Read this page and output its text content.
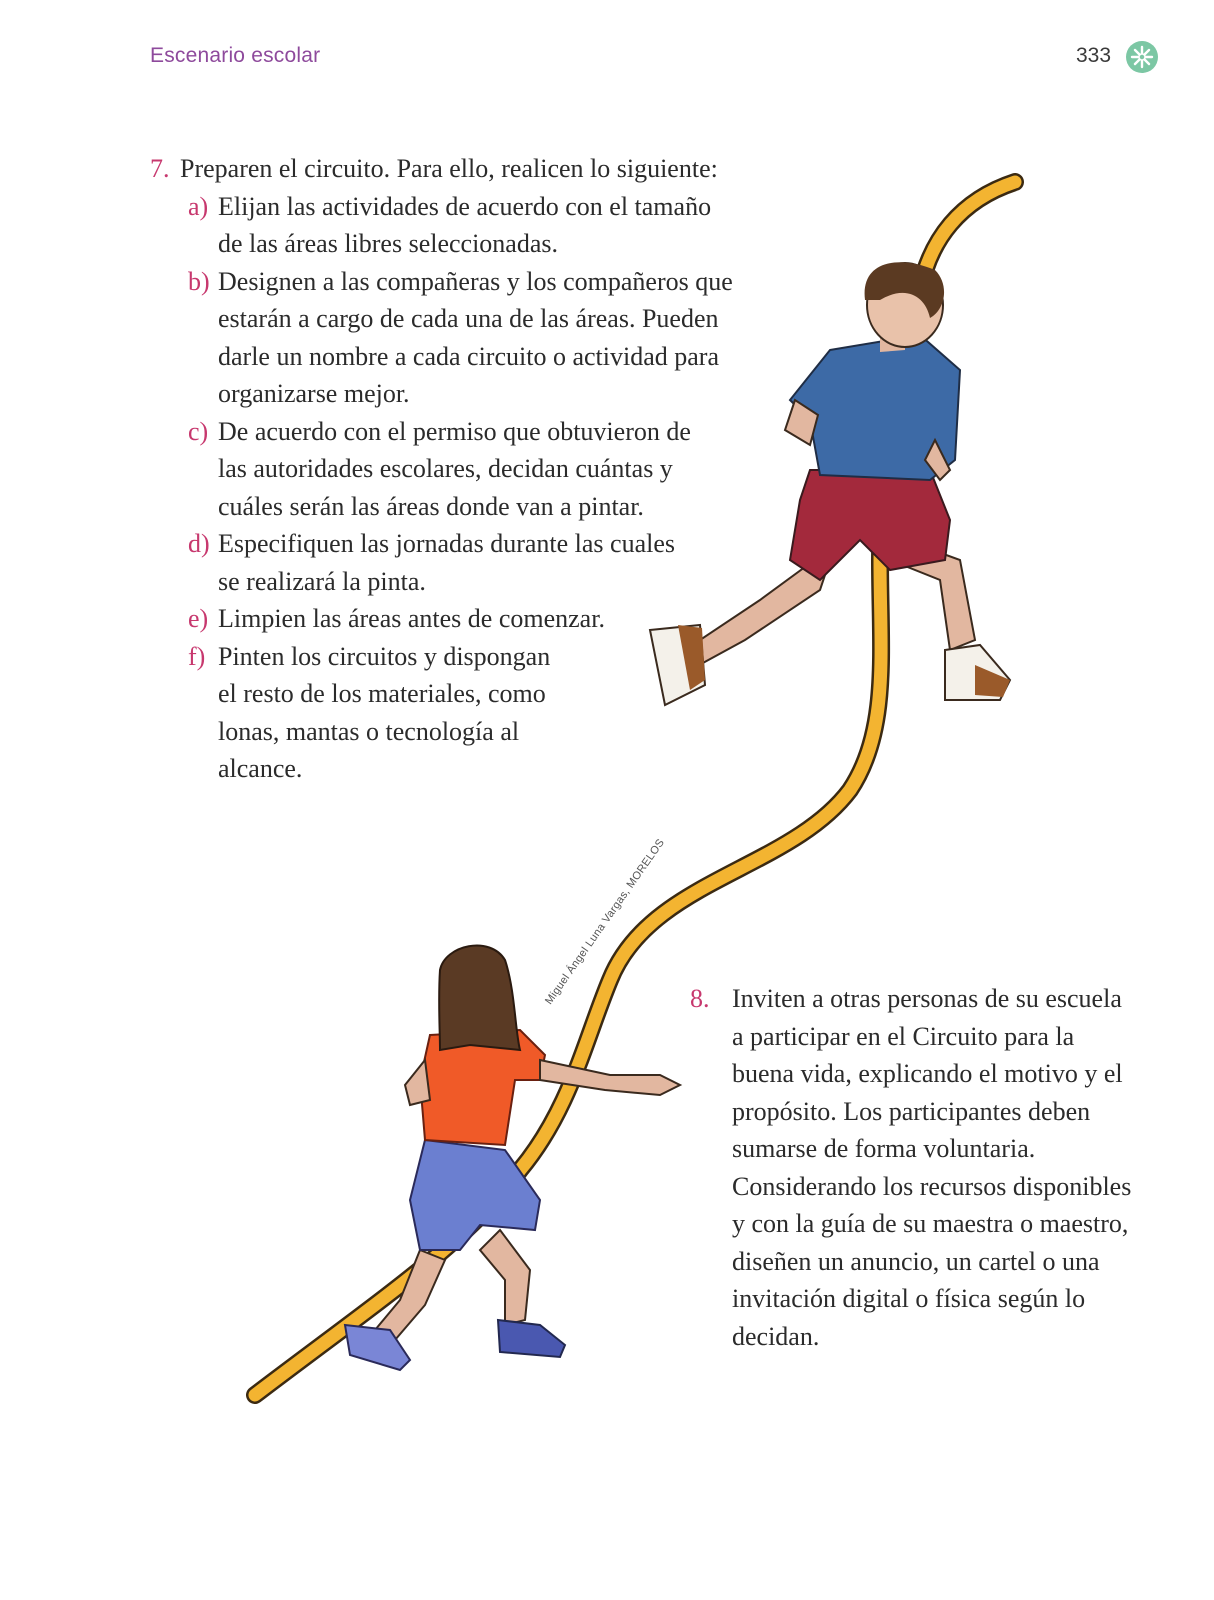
Escenario escolar	333
Miguel Ángel Luna Vargas, MORELOS
7. Preparen el circuito. Para ello, realicen lo siguiente:
a) Elijan las actividades de acuerdo con el tamaño de las áreas libres seleccionadas.
b) Designen a las compañeras y los compañeros que estarán a cargo de cada una de las áreas. Pueden darle un nombre a cada circuito o actividad para organizarse mejor.
c) De acuerdo con el permiso que obtuvieron de las autoridades escolares, decidan cuántas y cuáles serán las áreas donde van a pintar.
d) Especifiquen las jornadas durante las cuales se realizará la pinta.
e) Limpien las áreas antes de comenzar.
f) Pinten los circuitos y dispongan el resto de los materiales, como lonas, mantas o tecnología al alcance.
8. Inviten a otras personas de su escuela a participar en el Circuito para la buena vida, explicando el motivo y el propósito. Los participantes deben sumarse de forma voluntaria. Considerando los recursos disponibles y con la guía de su maestra o maestro, diseñen un anuncio, un cartel o una invitación digital o física según lo decidan.
